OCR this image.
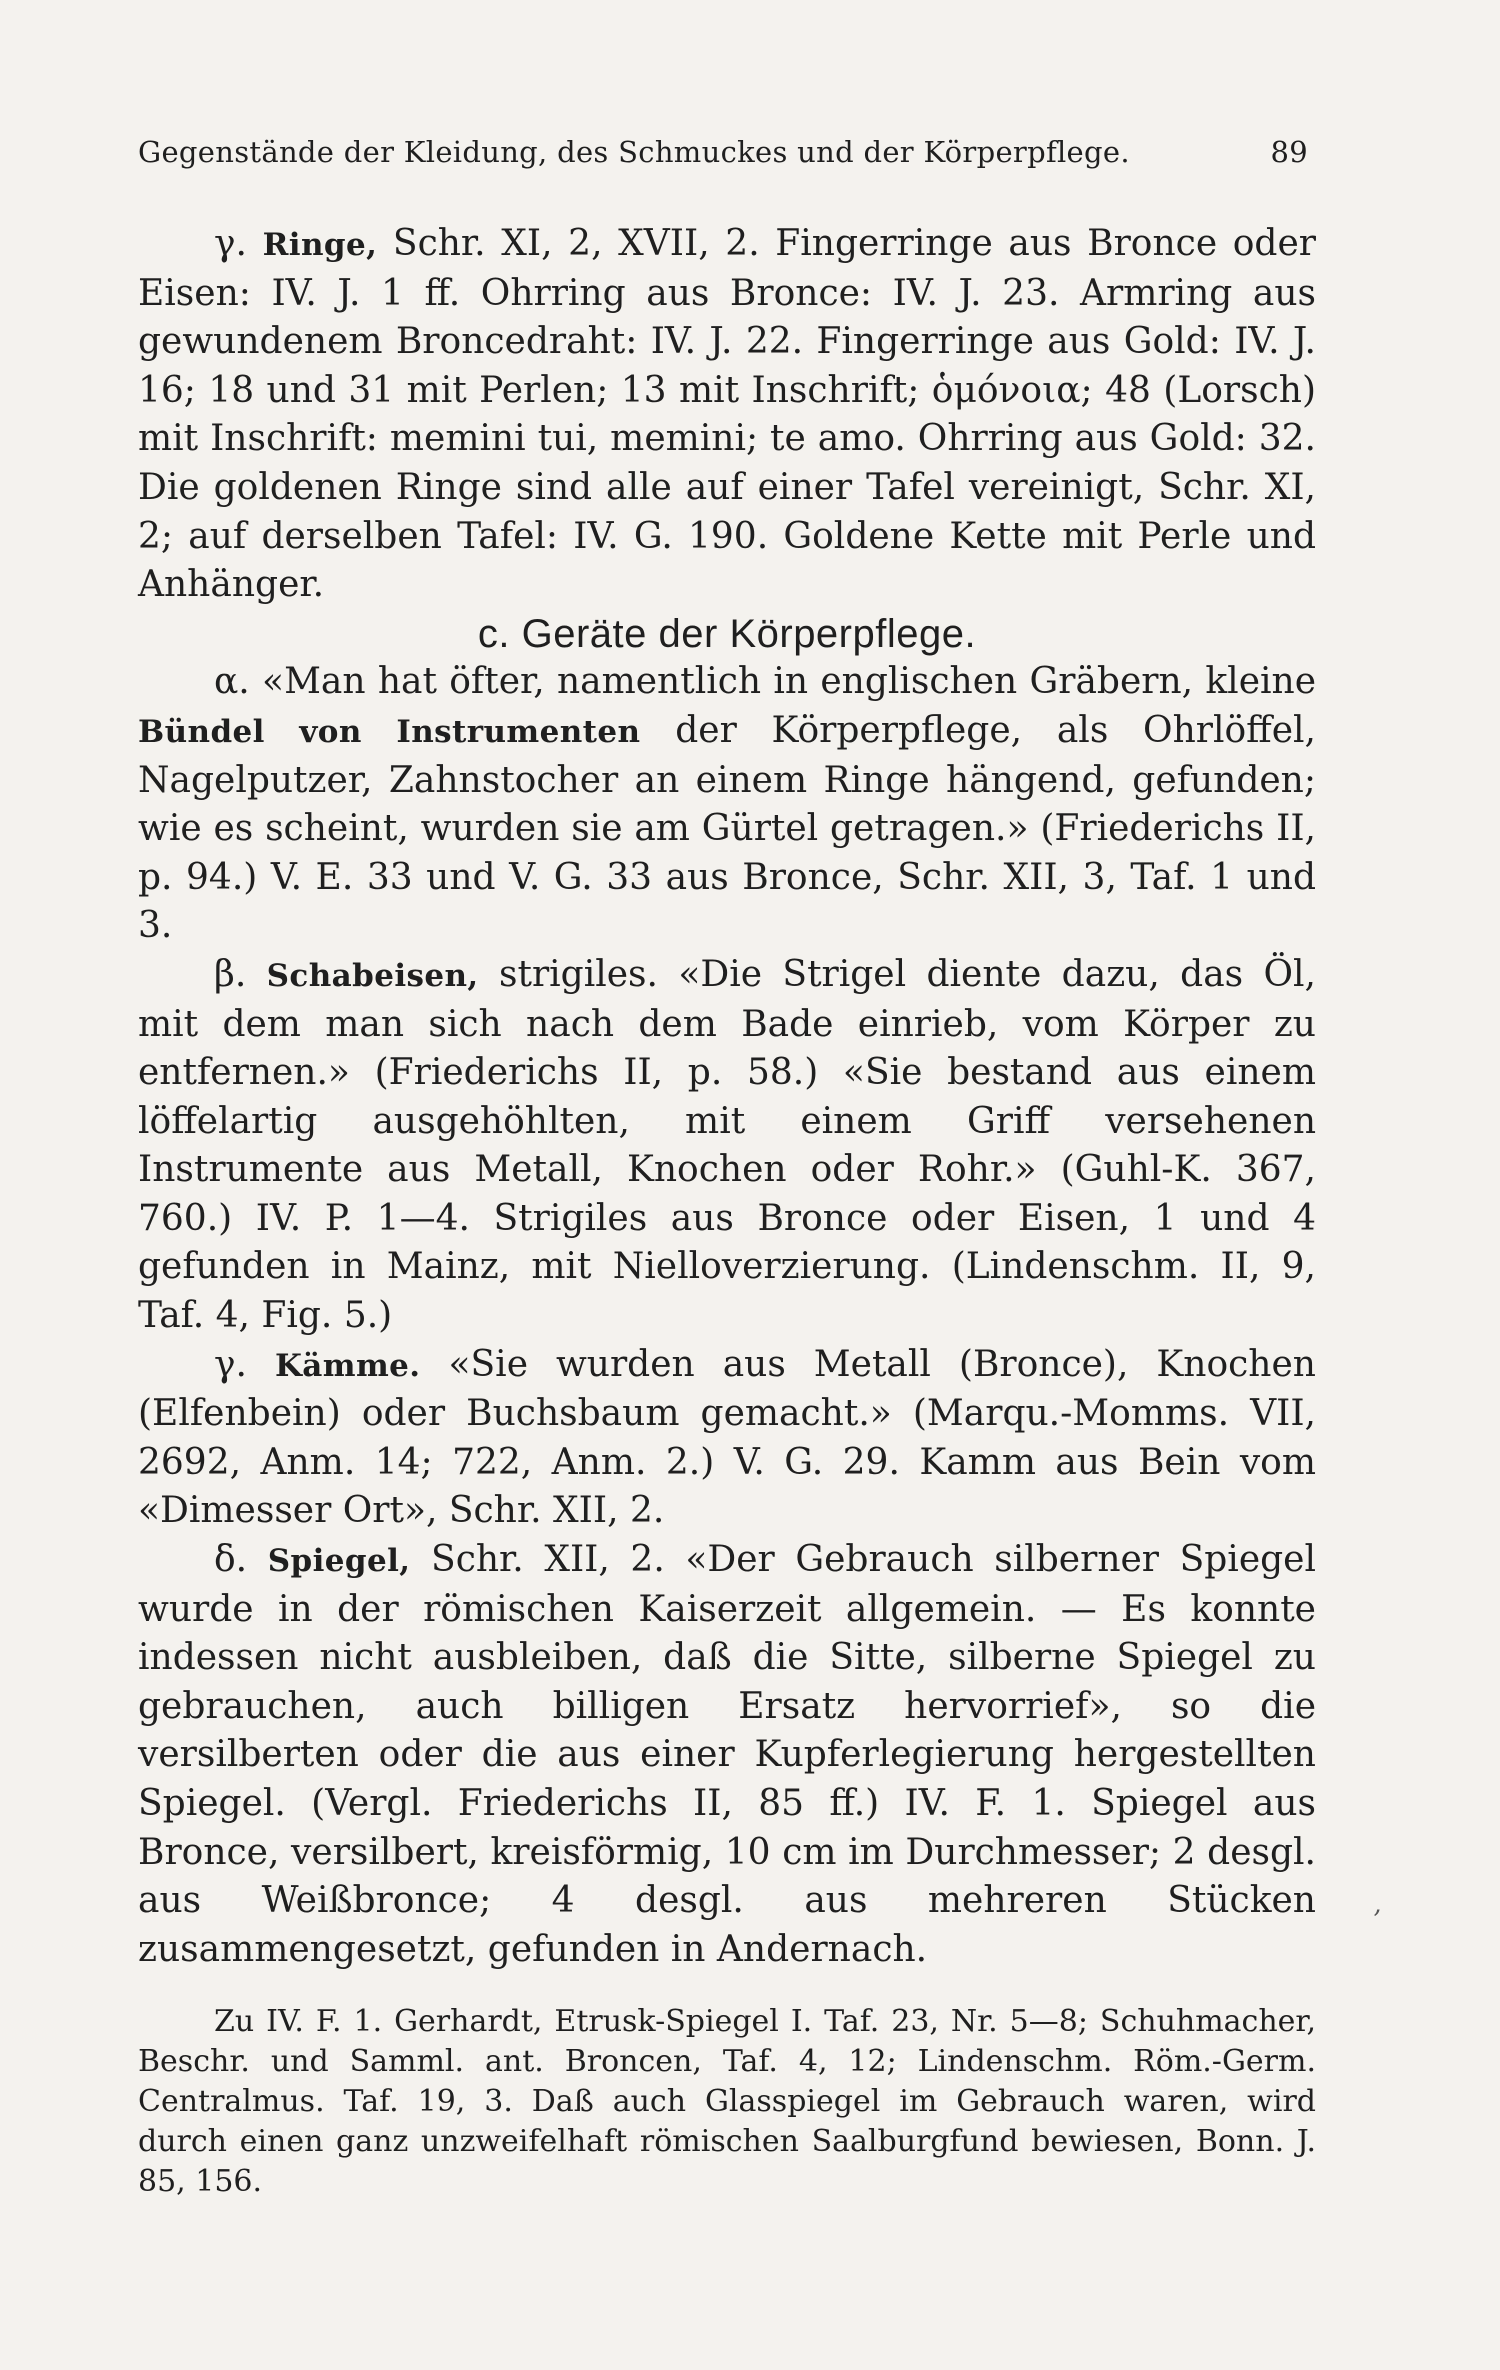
Gegenstände der Kleidung, des Schmuckes und der Körperpflege.	89

γ. Ringe, Schr. XI, 2, XVII, 2. Fingerringe aus Bronce oder Eisen: IV. J. 1 ff. Ohrring aus Bronce: IV. J. 23. Armring aus gewundenem Broncedraht: IV. J. 22. Fingerringe aus Gold: IV. J. 16; 18 und 31 mit Perlen; 13 mit Inschrift; ὁμόνοια; 48 (Lorsch) mit Inschrift: memini tui, memini; te amo. Ohrring aus Gold: 32. Die goldenen Ringe sind alle auf einer Tafel vereinigt, Schr. XI, 2; auf derselben Tafel: IV. G. 190. Goldene Kette mit Perle und Anhänger.

c. Geräte der Körperpflege.

α. «Man hat öfter, namentlich in englischen Gräbern, kleine Bündel von Instrumenten der Körperpflege, als Ohrlöffel, Nagelputzer, Zahnstocher an einem Ringe hängend, gefunden; wie es scheint, wurden sie am Gürtel getragen.» (Friederichs II, p. 94.) V. E. 33 und V. G. 33 aus Bronce, Schr. XII, 3, Taf. 1 und 3.

β. Schabeisen, strigiles. «Die Strigel diente dazu, das Öl, mit dem man sich nach dem Bade einrieb, vom Körper zu entfernen.» (Friederichs II, p. 58.) «Sie bestand aus einem löffelartig ausgehöhlten, mit einem Griff versehenen Instrumente aus Metall, Knochen oder Rohr.» (Guhl-K. 367, 760.) IV. P. 1—4. Strigiles aus Bronce oder Eisen, 1 und 4 gefunden in Mainz, mit Nielloverzierung. (Lindenschm. II, 9, Taf. 4, Fig. 5.)

γ. Kämme. «Sie wurden aus Metall (Bronce), Knochen (Elfenbein) oder Buchsbaum gemacht.» (Marqu.-Momms. VII, 2692, Anm. 14; 722, Anm. 2.) V. G. 29. Kamm aus Bein vom «Dimesser Ort», Schr. XII, 2.

δ. Spiegel, Schr. XII, 2. «Der Gebrauch silberner Spiegel wurde in der römischen Kaiserzeit allgemein. — Es konnte indessen nicht ausbleiben, daß die Sitte, silberne Spiegel zu gebrauchen, auch billigen Ersatz hervorrief», so die versilberten oder die aus einer Kupferlegierung hergestellten Spiegel. (Vergl. Friederichs II, 85 ff.) IV. F. 1. Spiegel aus Bronce, versilbert, kreisförmig, 10 cm im Durchmesser; 2 desgl. aus Weißbronce; 4 desgl. aus mehreren Stücken zusammengesetzt, gefunden in Andernach.

Zu IV. F. 1. Gerhardt, Etrusk-Spiegel I. Taf. 23, Nr. 5—8; Schuhmacher, Beschr. und Samml. ant. Broncen, Taf. 4, 12; Lindenschm. Röm.-Germ. Centralmus. Taf. 19, 3. Daß auch Glasspiegel im Gebrauch waren, wird durch einen ganz unzweifelhaft römischen Saalburgfund bewiesen, Bonn. J. 85, 156.

ʼ
